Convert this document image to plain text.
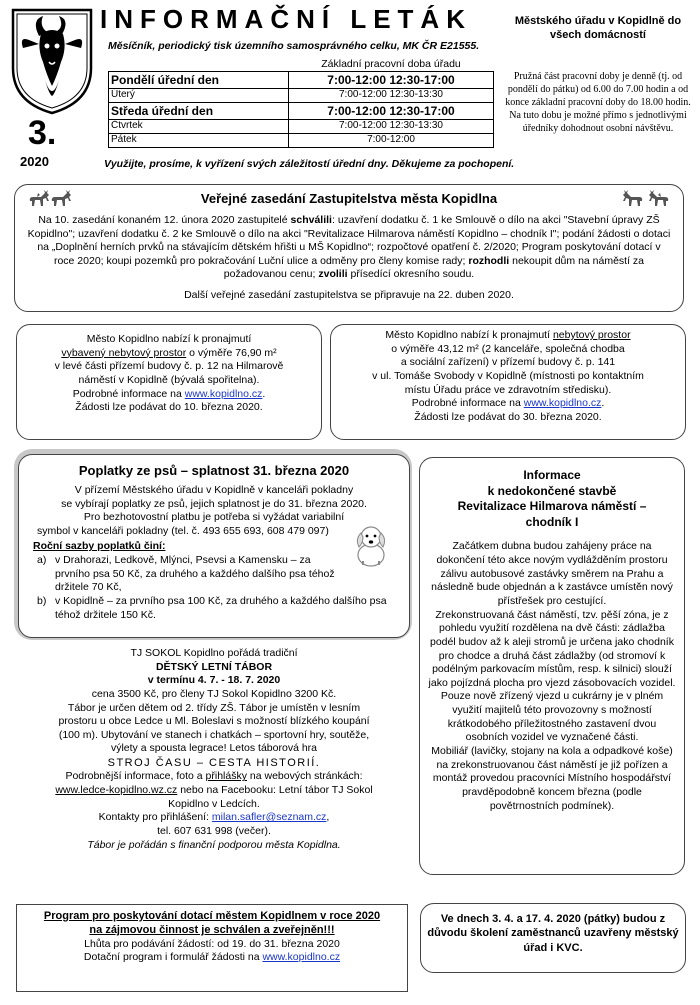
INFORMAČNÍ LETÁK
Měsíčník, periodický tisk územního samosprávného celku, MK ČR E21555.
3.
2020
	Základní pracovní doba úřadu
Pondělí úřední den	7:00-12:00 12:30-17:00
Úterý	7:00-12:00 12:30-13:30
Středa úřední den	7:00-12:00 12:30-17:00
Čtvrtek	7:00-12:00 12:30-13:30
Pátek	7:00-12:00
Využijte, prosíme, k vyřízení svých záležitostí úřední dny. Děkujeme za pochopení.
Městského úřadu v Kopidlně do všech domácností
Pružná část pracovní doby je denně (tj. od pondělí do pátku) od 6.00 do 7.00 hodin a od konce základní pracovní doby do 18.00 hodin. Na tuto dobu je možné přímo s jednotlivými úředníky dohodnout osobní návštěvu.
Veřejné zasedání Zastupitelstva města Kopidlna
Na 10. zasedání konaném 12. února 2020 zastupitelé schválili: uzavření dodatku č. 1 ke Smlouvě o dílo na akci "Stavební úpravy ZŠ Kopidlno"; uzavření dodatku č. 2 ke Smlouvě o dílo na akci "Revitalizace Hilmarova náměstí Kopidlno – chodník I"; podání žádosti o dotaci na „Doplnění herních prvků na stávajícím dětském hřišti u MŠ Kopidlno“; rozpočtové opatření č. 2/2020; Program poskytování dotací v roce 2020; koupi pozemků pro pokračování Luční ulice a odměny pro členy komise rady; rozhodli nekoupit dům na náměstí za požadovanou cenu; zvolili přísedící okresního soudu.
Další veřejné zasedání zastupitelstva se připravuje na 22. duben 2020.
Město Kopidlno nabízí k pronajmutí
vybavený nebytový prostor o výměře 76,90 m²
v levé části přízemí budovy č. p. 12 na Hilmarově
náměstí v Kopidlně (bývalá spořitelna).
Podrobné informace na www.kopidlno.cz.
Žádosti lze podávat do 10. března 2020.
Město Kopidlno nabízí k pronajmutí nebytový prostor
o výměře 43,12 m² (2 kanceláře, společná chodba
a sociální zařízení) v přízemí budovy č. p. 141
v ul. Tomáše Svobody v Kopidlně (místnosti po kontaktním
místu Úřadu práce ve zdravotním středisku).
Podrobné informace na www.kopidlno.cz.
Žádosti lze podávat do 30. března 2020.
Poplatky ze psů – splatnost 31. března 2020
V přízemí Městského úřadu v Kopidlně v kanceláři pokladny
se vybírají poplatky ze psů, jejich splatnost je do 31. března 2020.
Pro bezhotovostní platbu je potřeba si vyžádat variabilní
symbol v kanceláři pokladny (tel. č. 493 655 693, 608 479 097)
Roční sazby poplatků činí:
a) v Drahorazi, Ledkově, Mlýnci, Psevsi a Kamensku – za prvního psa 50 Kč, za druhého a každého dalšího psa téhož držitele 70 Kč,
b) v Kopidlně – za prvního psa 100 Kč, za druhého a každého dalšího psa téhož držitele 150 Kč.
TJ SOKOL Kopidlno pořádá tradiční
DĚTSKÝ LETNÍ TÁBOR
v termínu 4. 7. - 18. 7. 2020
cena 3500 Kč, pro členy TJ Sokol Kopidlno 3200 Kč.
Tábor je určen dětem od 2. třídy ZŠ. Tábor je umístěn v lesním
prostoru u obce Ledce u Ml. Boleslavi s možností blízkého koupání
(100 m). Ubytování ve stanech i chatkách – sportovní hry, soutěže,
výlety a spousta legrace! Letos táborová hra
STROJ ČASU – CESTA HISTORIÍ.
Podrobnější informace, foto a přihlášky na webových stránkách:
www.ledce-kopidlno.wz.cz nebo na Facebooku: Letní tábor TJ Sokol
Kopidlno v Ledcích.
Kontakty pro přihlášení: milan.safler@seznam.cz,
tel. 607 631 998 (večer).
Tábor je pořádán s finanční podporou města Kopidlna.
Informace
k nedokončené stavbě
Revitalizace Hilmarova náměstí –
chodník I
Začátkem dubna budou zahájeny práce na dokončení této akce novým vydlážděním prostoru zálivu autobusové zastávky směrem na Prahu a následně bude objednán a k zastávce umístěn nový přístřešek pro cestující.
Zrekonstruovaná část náměstí, tzv. pěší zóna, je z pohledu využití rozdělena na dvě části: zádlažba podél budov až k aleji stromů je určena jako chodník pro chodce a druhá část zádlažby (od stromoví k podélným parkovacím místům, resp. k silnici) slouží jako pojízdná plocha pro vjezd zásobovacích vozidel.
Pouze nově zřízený vjezd u cukrárny je v plném využití majitelů této provozovny s možností krátkodobého příležitostného zastavení dvou osobních vozidel ve vyznačené části.
Mobiliář (lavičky, stojany na kola a odpadkové koše) na zrekonstruovanou část náměstí je již pořízen a montáž provedou pracovníci Místního hospodářství pravděpodobně koncem března (podle povětrnostních podmínek).
Program pro poskytování dotací městem Kopidlnem v roce 2020
na zájmovou činnost je schválen a zveřejněn!!!
Lhůta pro podávání žádostí: od 19. do 31. března 2020
Dotační program i formulář žádosti na www.kopidlno.cz
Ve dnech 3. 4. a 17. 4. 2020 (pátky) budou z důvodu školení zaměstnanců uzavřeny městský úřad i KVC.
